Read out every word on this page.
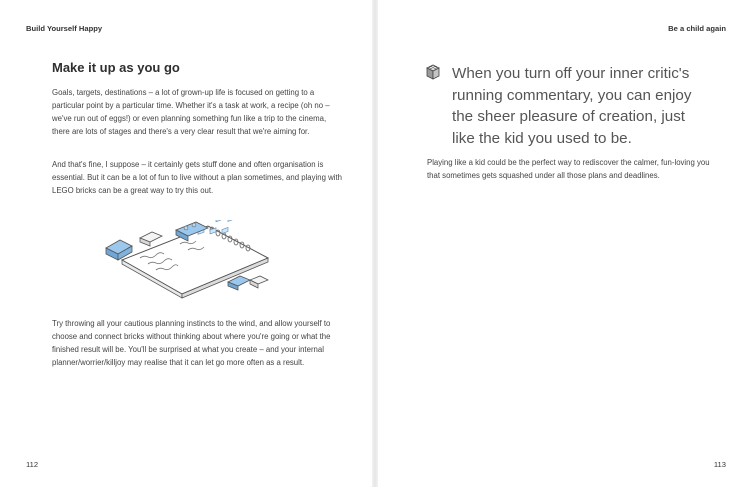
Build Yourself Happy
Make it up as you go

Goals, targets, destinations – a lot of grown-up life is focused on getting to a particular point by a particular time. Whether it's a task at work, a recipe (oh no – we've run out of eggs!) or even planning something fun like a trip to the cinema, there are lots of stages and there's a very clear result that we're aiming for.

And that's fine, I suppose – it certainly gets stuff done and often organisation is essential. But it can be a lot of fun to live without a plan sometimes, and playing with LEGO bricks can be a great way to try this out.

Try throwing all your cautious planning instincts to the wind, and allow yourself to choose and connect bricks without thinking about where you're going or what the finished result will be. You'll be surprised at what you create – and your internal planner/worrier/killjoy may realise that it can let go more often as a result.

112
Be a child again
113

When you turn off your inner critic's running commentary, you can enjoy the sheer pleasure of creation, just like the kid you used to be.

Playing like a kid could be the perfect way to rediscover the calmer, fun-loving you that sometimes gets squashed under all those plans and deadlines.
